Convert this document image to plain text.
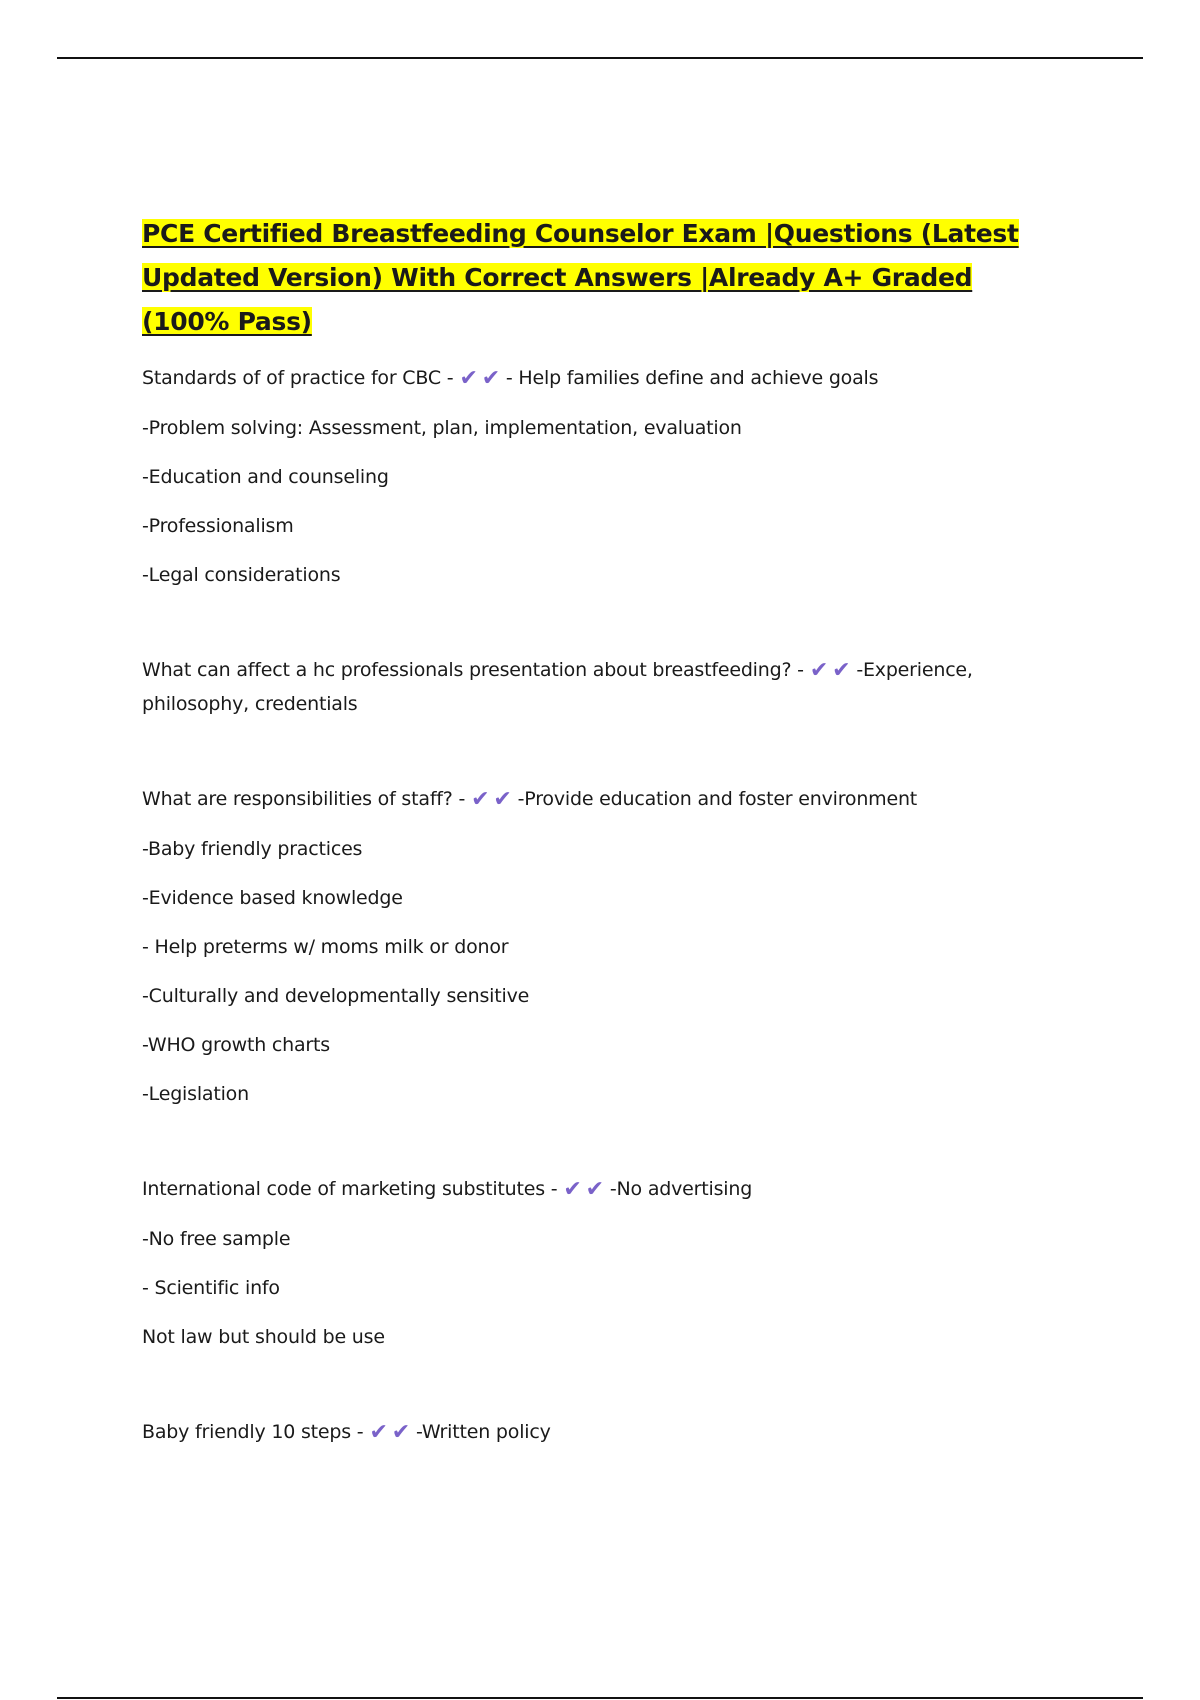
PCE Certified Breastfeeding Counselor Exam |Questions (Latest Updated Version) With Correct Answers |Already A+ Graded (100% Pass)
Standards of of practice for CBC - ✔ ✔ - Help families define and achieve goals
-Problem solving: Assessment, plan, implementation, evaluation
-Education and counseling
-Professionalism
-Legal considerations
What can affect a hc professionals presentation about breastfeeding? - ✔ ✔ -Experience, philosophy, credentials
What are responsibilities of staff? - ✔ ✔ -Provide education and foster environment
-Baby friendly practices
-Evidence based knowledge
- Help preterms w/ moms milk or donor
-Culturally and developmentally sensitive
-WHO growth charts
-Legislation
International code of marketing substitutes - ✔ ✔ -No advertising
-No free sample
- Scientific info
Not law but should be use
Baby friendly 10 steps - ✔ ✔ -Written policy
